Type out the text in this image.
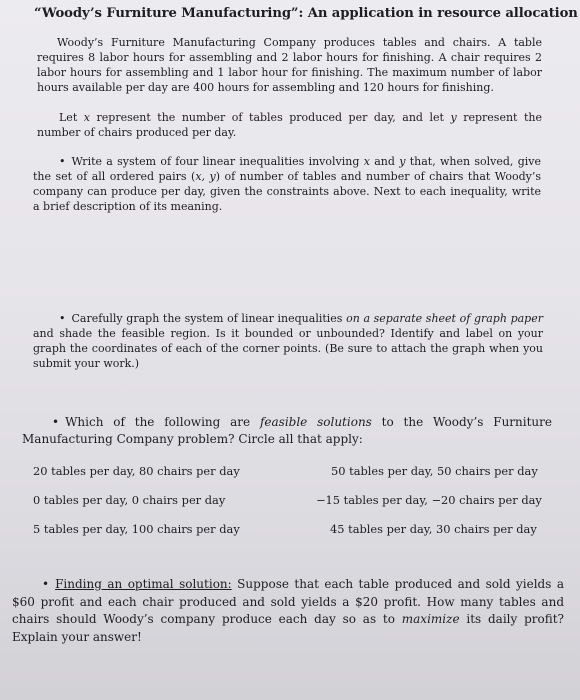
“Woody’s Furniture Manufacturing”: An application in resource allocation

Woody’s Furniture Manufacturing Company produces tables and chairs. A table requires 8 labor hours for assembling and 2 labor hours for finishing. A chair requires 2 labor hours for assembling and 1 labor hour for finishing. The maximum number of labor hours available per day are 400 hours for assembling and 120 hours for finishing.

Let x represent the number of tables produced per day, and let y represent the number of chairs produced per day.

• Write a system of four linear inequalities involving x and y that, when solved, give the set of all ordered pairs (x, y) of number of tables and number of chairs that Woody’s company can produce per day, given the constraints above. Next to each inequality, write a brief description of its meaning.

• Carefully graph the system of linear inequalities on a separate sheet of graph paper and shade the feasible region. Is it bounded or unbounded? Identify and label on your graph the coordinates of each of the corner points. (Be sure to attach the graph when you submit your work.)

• Which of the following are feasible solutions to the Woody’s Furniture Manufacturing Company problem? Circle all that apply:

20 tables per day, 80 chairs per day	50 tables per day, 50 chairs per day
0 tables per day, 0 chairs per day	−15 tables per day, −20 chairs per day
5 tables per day, 100 chairs per day	45 tables per day, 30 chairs per day

• Finding an optimal solution: Suppose that each table produced and sold yields a $60 profit and each chair produced and sold yields a $20 profit. How many tables and chairs should Woody’s company produce each day so as to maximize its daily profit? Explain your answer!
